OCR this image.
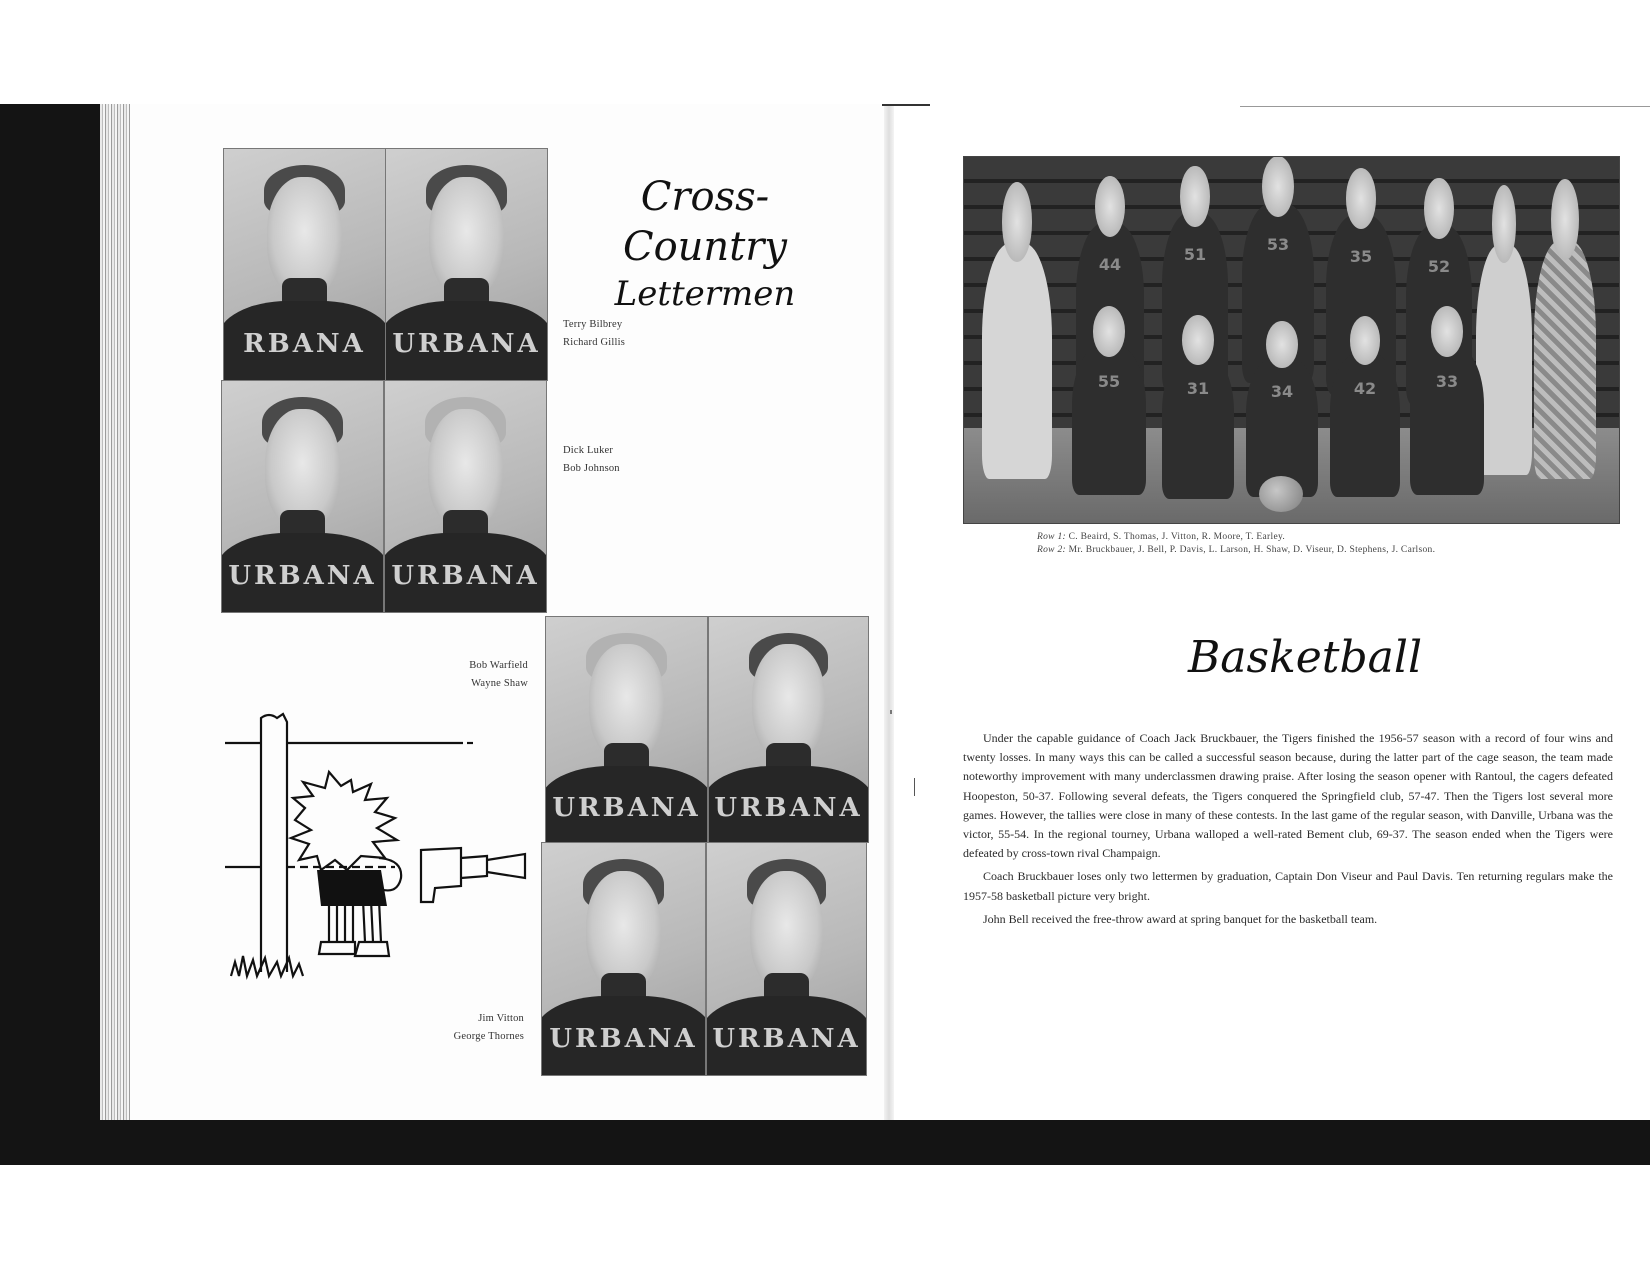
RBANA	URBANA
URBANA URBANA
Cross-Country
Lettermen
Terry Bilbrey
Richard Gillis
Dick Luker
Bob Johnson
Bob Warfield
Wayne Shaw
Jim Vitton
George Thornes
URBANA URBANA
URBANA URBANA
44
51
53
35
52
55	31	34	42	33
Row 1: C. Beaird, S. Thomas, J. Vitton, R. Moore, T. Earley.
Row 2: Mr. Bruckbauer, J. Bell, P. Davis, L. Larson, H. Shaw, D. Viseur, D. Stephens, J. Carlson.
Basketball

Under the capable guidance of Coach Jack Bruckbauer, the Tigers finished the 1956-57 season with a record of four wins and twenty losses. In many ways this can be called a successful season because, during the latter part of the cage season, the team made noteworthy improvement with many underclassmen drawing praise. After losing the season opener with Rantoul, the cagers defeated Hoopeston, 50-37. Following several defeats, the Tigers conquered the Springfield club, 57-47. Then the Tigers lost several more games. However, the tallies were close in many of these contests. In the last game of the regular season, with Danville, Urbana was the victor, 55-54. In the regional tourney, Urbana walloped a well-rated Bement club, 69-37. The season ended when the Tigers were defeated by cross-town rival Champaign.

Coach Bruckbauer loses only two lettermen by graduation, Captain Don Viseur and Paul Davis. Ten returning regulars make the 1957-58 basketball picture very bright.

John Bell received the free-throw award at spring banquet for the basketball team.
